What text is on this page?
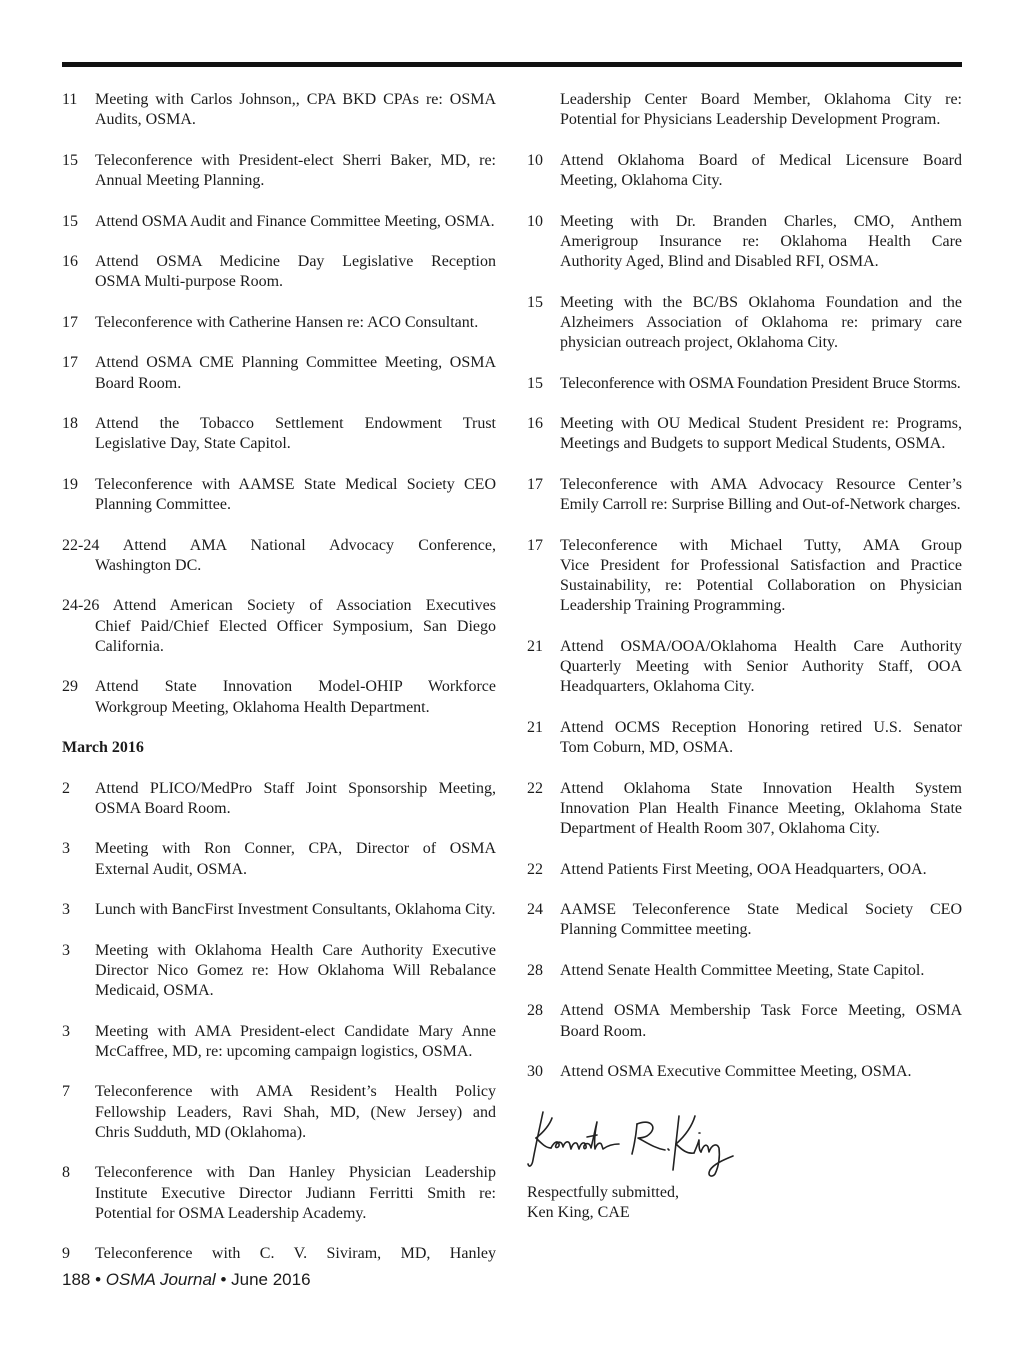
11 Meeting with Carlos Johnson,, CPA BKD CPAs re: OSMA
Audits, OSMA.
15 Teleconference with President-elect Sherri Baker, MD, re:
Annual Meeting Planning.
15 Attend OSMA Audit and Finance Committee Meeting, OSMA.
16 Attend OSMA Medicine Day Legislative Reception
OSMA Multi-purpose Room.
17 Teleconference with Catherine Hansen re: ACO Consultant.
17 Attend OSMA CME Planning Committee Meeting, OSMA
Board Room.
18 Attend the Tobacco Settlement Endowment Trust
Legislative Day, State Capitol.
19 Teleconference with AAMSE State Medical Society CEO
Planning Committee.
22-24 Attend AMA National Advocacy Conference,
Washington DC.
24-26 Attend American Society of Association Executives
Chief Paid/Chief Elected Officer Symposium, San Diego
California.
29 Attend State Innovation Model-OHIP Workforce
Workgroup Meeting, Oklahoma Health Department.
March 2016
2 Attend PLICO/MedPro Staff Joint Sponsorship Meeting,
OSMA Board Room.
3 Meeting with Ron Conner, CPA, Director of OSMA
External Audit, OSMA.
3 Lunch with BancFirst Investment Consultants, Oklahoma City.
3 Meeting with Oklahoma Health Care Authority Executive
Director Nico Gomez re: How Oklahoma Will Rebalance
Medicaid, OSMA.
3 Meeting with AMA President-elect Candidate Mary Anne
McCaffree, MD, re: upcoming campaign logistics, OSMA.
7 Teleconference with AMA Resident’s Health Policy
Fellowship Leaders, Ravi Shah, MD, (New Jersey) and
Chris Sudduth, MD (Oklahoma).
8 Teleconference with Dan Hanley Physician Leadership
Institute Executive Director Judiann Ferritti Smith re:
Potential for OSMA Leadership Academy.
9 Teleconference with C. V. Siviram, MD, Hanley
Leadership Center Board Member, Oklahoma City re:
Potential for Physicians Leadership Development Program.
10 Attend Oklahoma Board of Medical Licensure Board
Meeting, Oklahoma City.
10 Meeting with Dr. Branden Charles, CMO, Anthem
Amerigroup Insurance re: Oklahoma Health Care
Authority Aged, Blind and Disabled RFI, OSMA.
15 Meeting with the BC/BS Oklahoma Foundation and the
Alzheimers Association of Oklahoma re: primary care
physician outreach project, Oklahoma City.
15 Teleconference with OSMA Foundation President Bruce Storms.
16 Meeting with OU Medical Student President re: Programs,
Meetings and Budgets to support Medical Students, OSMA.
17 Teleconference with AMA Advocacy Resource Center’s
Emily Carroll re: Surprise Billing and Out-of-Network charges.
17 Teleconference with Michael Tutty, AMA Group
Vice President for Professional Satisfaction and Practice
Sustainability, re: Potential Collaboration on Physician
Leadership Training Programming.
21 Attend OSMA/OOA/Oklahoma Health Care Authority
Quarterly Meeting with Senior Authority Staff, OOA
Headquarters, Oklahoma City.
21 Attend OCMS Reception Honoring retired U.S. Senator
Tom Coburn, MD, OSMA.
22 Attend Oklahoma State Innovation Health System
Innovation Plan Health Finance Meeting, Oklahoma State
Department of Health Room 307, Oklahoma City.
22 Attend Patients First Meeting, OOA Headquarters, OOA.
24 AAMSE Teleconference State Medical Society CEO
Planning Committee meeting.
28 Attend Senate Health Committee Meeting, State Capitol.
28 Attend OSMA Membership Task Force Meeting, OSMA
Board Room.
30 Attend OSMA Executive Committee Meeting, OSMA.
Respectfully submitted,
Ken King, CAE
188 • OSMA Journal • June 2016
